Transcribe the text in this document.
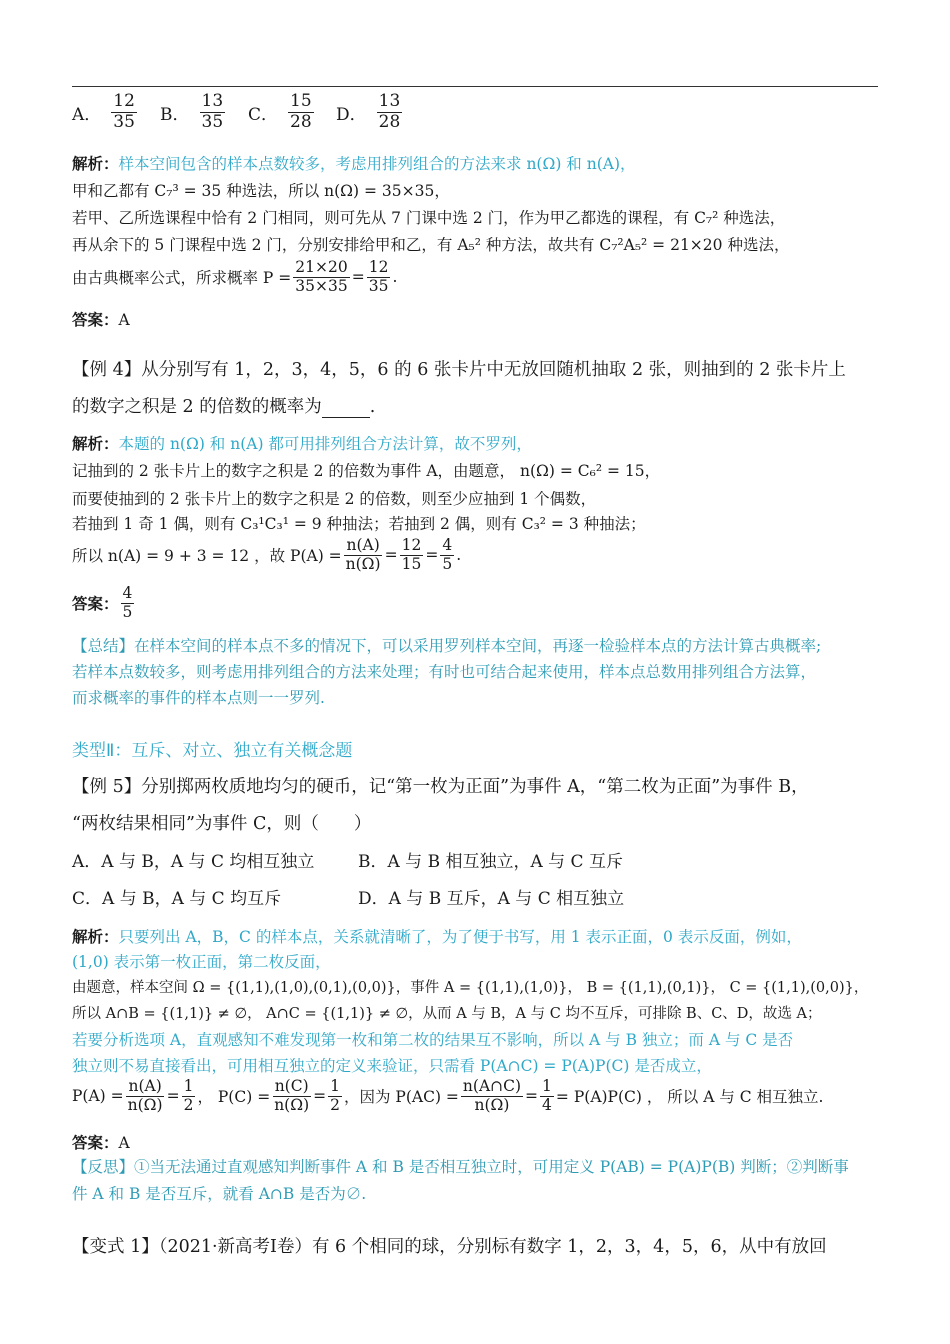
A． $\frac{12}{35}$ B． $\frac{13}{35}$ C． $\frac{15}{28}$ D． $\frac{13}{28}$
解析：样本空间包含的样本点数较多，考虑用排列组合的方法来求 n(Ω) 和 n(A)，
甲和乙都有 C₇³ = 35 种选法，所以 n(Ω) = 35×35，
若甲、乙所选课程中恰有 2 门相同，则可先从 7 门课中选 2 门，作为甲乙都选的课程，有 C₇² 种选法，
再从余下的 5 门课程中选 2 门，分别安排给甲和乙，有 A₅² 种方法，故共有 C₇²A₅² = 21×20 种选法，
由古典概率公式，所求概率 $P = \frac{21\times 20}{35\times 35} = \frac{12}{35}$ .
答案：A
【例 4】从分别写有 1，2，3，4，5，6 的 6 张卡片中无放回随机抽取 2 张，则抽到的 2 张卡片上
的数字之积是 2 的倍数的概率为	.
解析：本题的 n(Ω) 和 n(A) 都可用排列组合方法计算，故不罗列，
记抽到的 2 张卡片上的数字之积是 2 的倍数为事件 A，由题意， n(Ω) = C₆² = 15，
而要使抽到的 2 张卡片上的数字之积是 2 的倍数，则至少应抽到 1 个偶数，
若抽到 1 奇 1 偶，则有 C₃¹C₃¹ = 9 种抽法；若抽到 2 偶，则有 C₃² = 3 种抽法；
所以 n(A) = 9 + 3 = 12 ，故 $P(A) = \frac{n(A)}{n(\Omega)} = \frac{12}{15} = \frac{4}{5}$ .
答案： $\frac{4}{5}$
【总结】在样本空间的样本点不多的情况下，可以采用罗列样本空间，再逐一检验样本点的方法计算古典概率;
若样本点数较多，则考虑用排列组合的方法来处理；有时也可结合起来使用，样本点总数用排列组合方法算，
而求概率的事件的样本点则一一罗列.
类型Ⅱ：互斥、对立、独立有关概念题
【例 5】分别掷两枚质地均匀的硬币，记“第一枚为正面”为事件 A，“第二枚为正面”为事件 B，
“两枚结果相同”为事件 C，则（　　）
A．A 与 B，A 与 C 均相互独立	B．A 与 B 相互独立，A 与 C 互斥
C．A 与 B，A 与 C 均互斥	D．A 与 B 互斥，A 与 C 相互独立
解析：只要列出 A，B，C 的样本点，关系就清晰了，为了便于书写，用 1 表示正面，0 表示反面，例如，
(1,0) 表示第一枚正面，第二枚反面，
由题意，样本空间 Ω = {(1,1),(1,0),(0,1),(0,0)}，事件 A = {(1,1),(1,0)}， B = {(1,1),(0,1)}， C = {(1,1),(0,0)}，
所以 A∩B = {(1,1)} ≠ ∅， A∩C = {(1,1)} ≠ ∅，从而 A 与 B，A 与 C 均不互斥，可排除 B、C、D，故选 A；
若要分析选项 A，直观感知不难发现第一枚和第二枚的结果互不影响，所以 A 与 B 独立；而 A 与 C 是否
独立则不易直接看出，可用相互独立的定义来验证，只需看 P(A∩C) = P(A)P(C) 是否成立，
$P(A) = \frac{n(A)}{n(\Omega)} = \frac{1}{2}$ ， $P(C) = \frac{n(C)}{n(\Omega)} = \frac{1}{2}$ ，因为 $P(AC) = \frac{n(A\cap C)}{n(\Omega)} = \frac{1}{4} = P(A)P(C)$ ， 所以 A 与 C 相互独立.
答案：A
【反思】①当无法通过直观感知判断事件 A 和 B 是否相互独立时，可用定义 P(AB) = P(A)P(B) 判断；②判断事
件 A 和 B 是否互斥，就看 A∩B 是否为∅.
【变式 1】（2021·新高考Ⅰ卷）有 6 个相同的球，分别标有数字 1，2，3，4，5，6，从中有放回
